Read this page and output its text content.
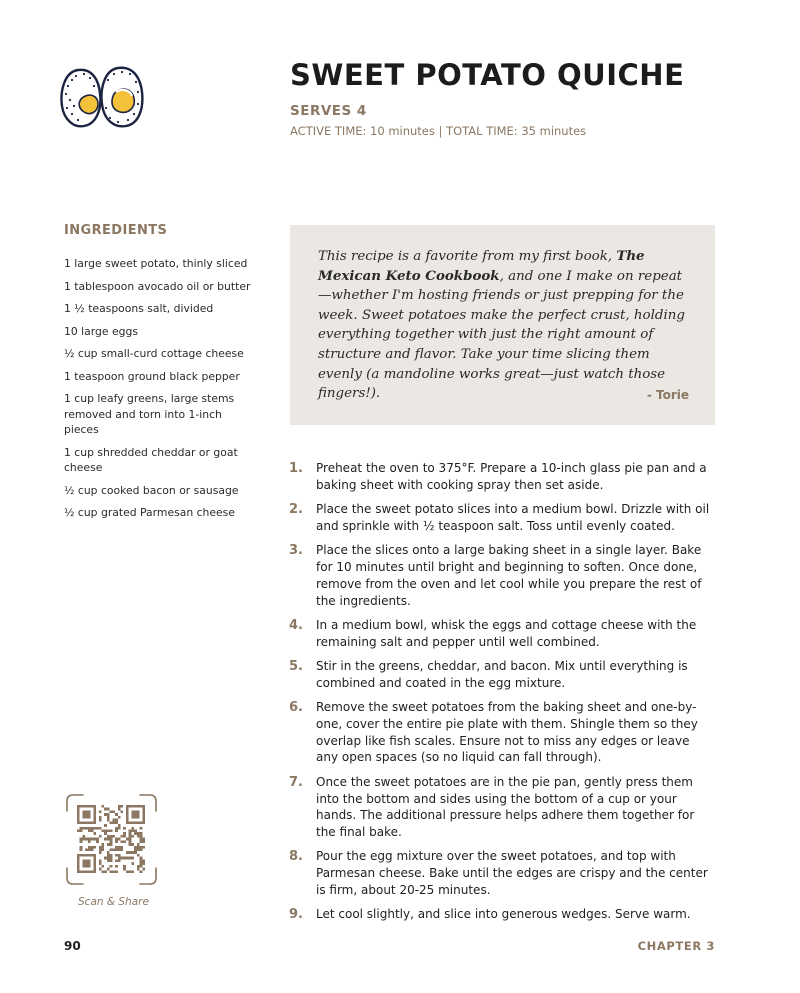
SWEET POTATO QUICHE
SERVES 4
ACTIVE TIME: 10 minutes | TOTAL TIME: 35 minutes
INGREDIENTS
1 large sweet potato, thinly sliced
1 tablespoon avocado oil or butter
1 ½ teaspoons salt, divided
10 large eggs
½ cup small-curd cottage cheese
1 teaspoon ground black pepper
1 cup leafy greens, large stems removed and torn into 1-inch pieces
1 cup shredded cheddar or goat cheese
½ cup cooked bacon or sausage
½ cup grated Parmesan cheese

This recipe is a favorite from my first book, The Mexican Keto Cookbook, and one I make on repeat—whether I'm hosting friends or just prepping for the week. Sweet potatoes make the perfect crust, holding everything together with just the right amount of structure and flavor. Take your time slicing them evenly (a mandoline works great—just watch those fingers!).	- Torie
1. Preheat the oven to 375°F. Prepare a 10-inch glass pie pan and a baking sheet with cooking spray then set aside.
2. Place the sweet potato slices into a medium bowl. Drizzle with oil and sprinkle with ½ teaspoon salt. Toss until evenly coated.
3. Place the slices onto a large baking sheet in a single layer. Bake for 10 minutes until bright and beginning to soften. Once done, remove from the oven and let cool while you prepare the rest of the ingredients.
4. In a medium bowl, whisk the eggs and cottage cheese with the remaining salt and pepper until well combined.
5. Stir in the greens, cheddar, and bacon. Mix until everything is combined and coated in the egg mixture.
6. Remove the sweet potatoes from the baking sheet and one-by-one, cover the entire pie plate with them. Shingle them so they overlap like fish scales. Ensure not to miss any edges or leave any open spaces (so no liquid can fall through).
7. Once the sweet potatoes are in the pie pan, gently press them into the bottom and sides using the bottom of a cup or your hands. The additional pressure helps adhere them together for the final bake.
8. Pour the egg mixture over the sweet potatoes, and top with Parmesan cheese. Bake until the edges are crispy and the center is firm, about 20-25 minutes.
9. Let cool slightly, and slice into generous wedges. Serve warm.
Scan & Share
90	CHAPTER 3
